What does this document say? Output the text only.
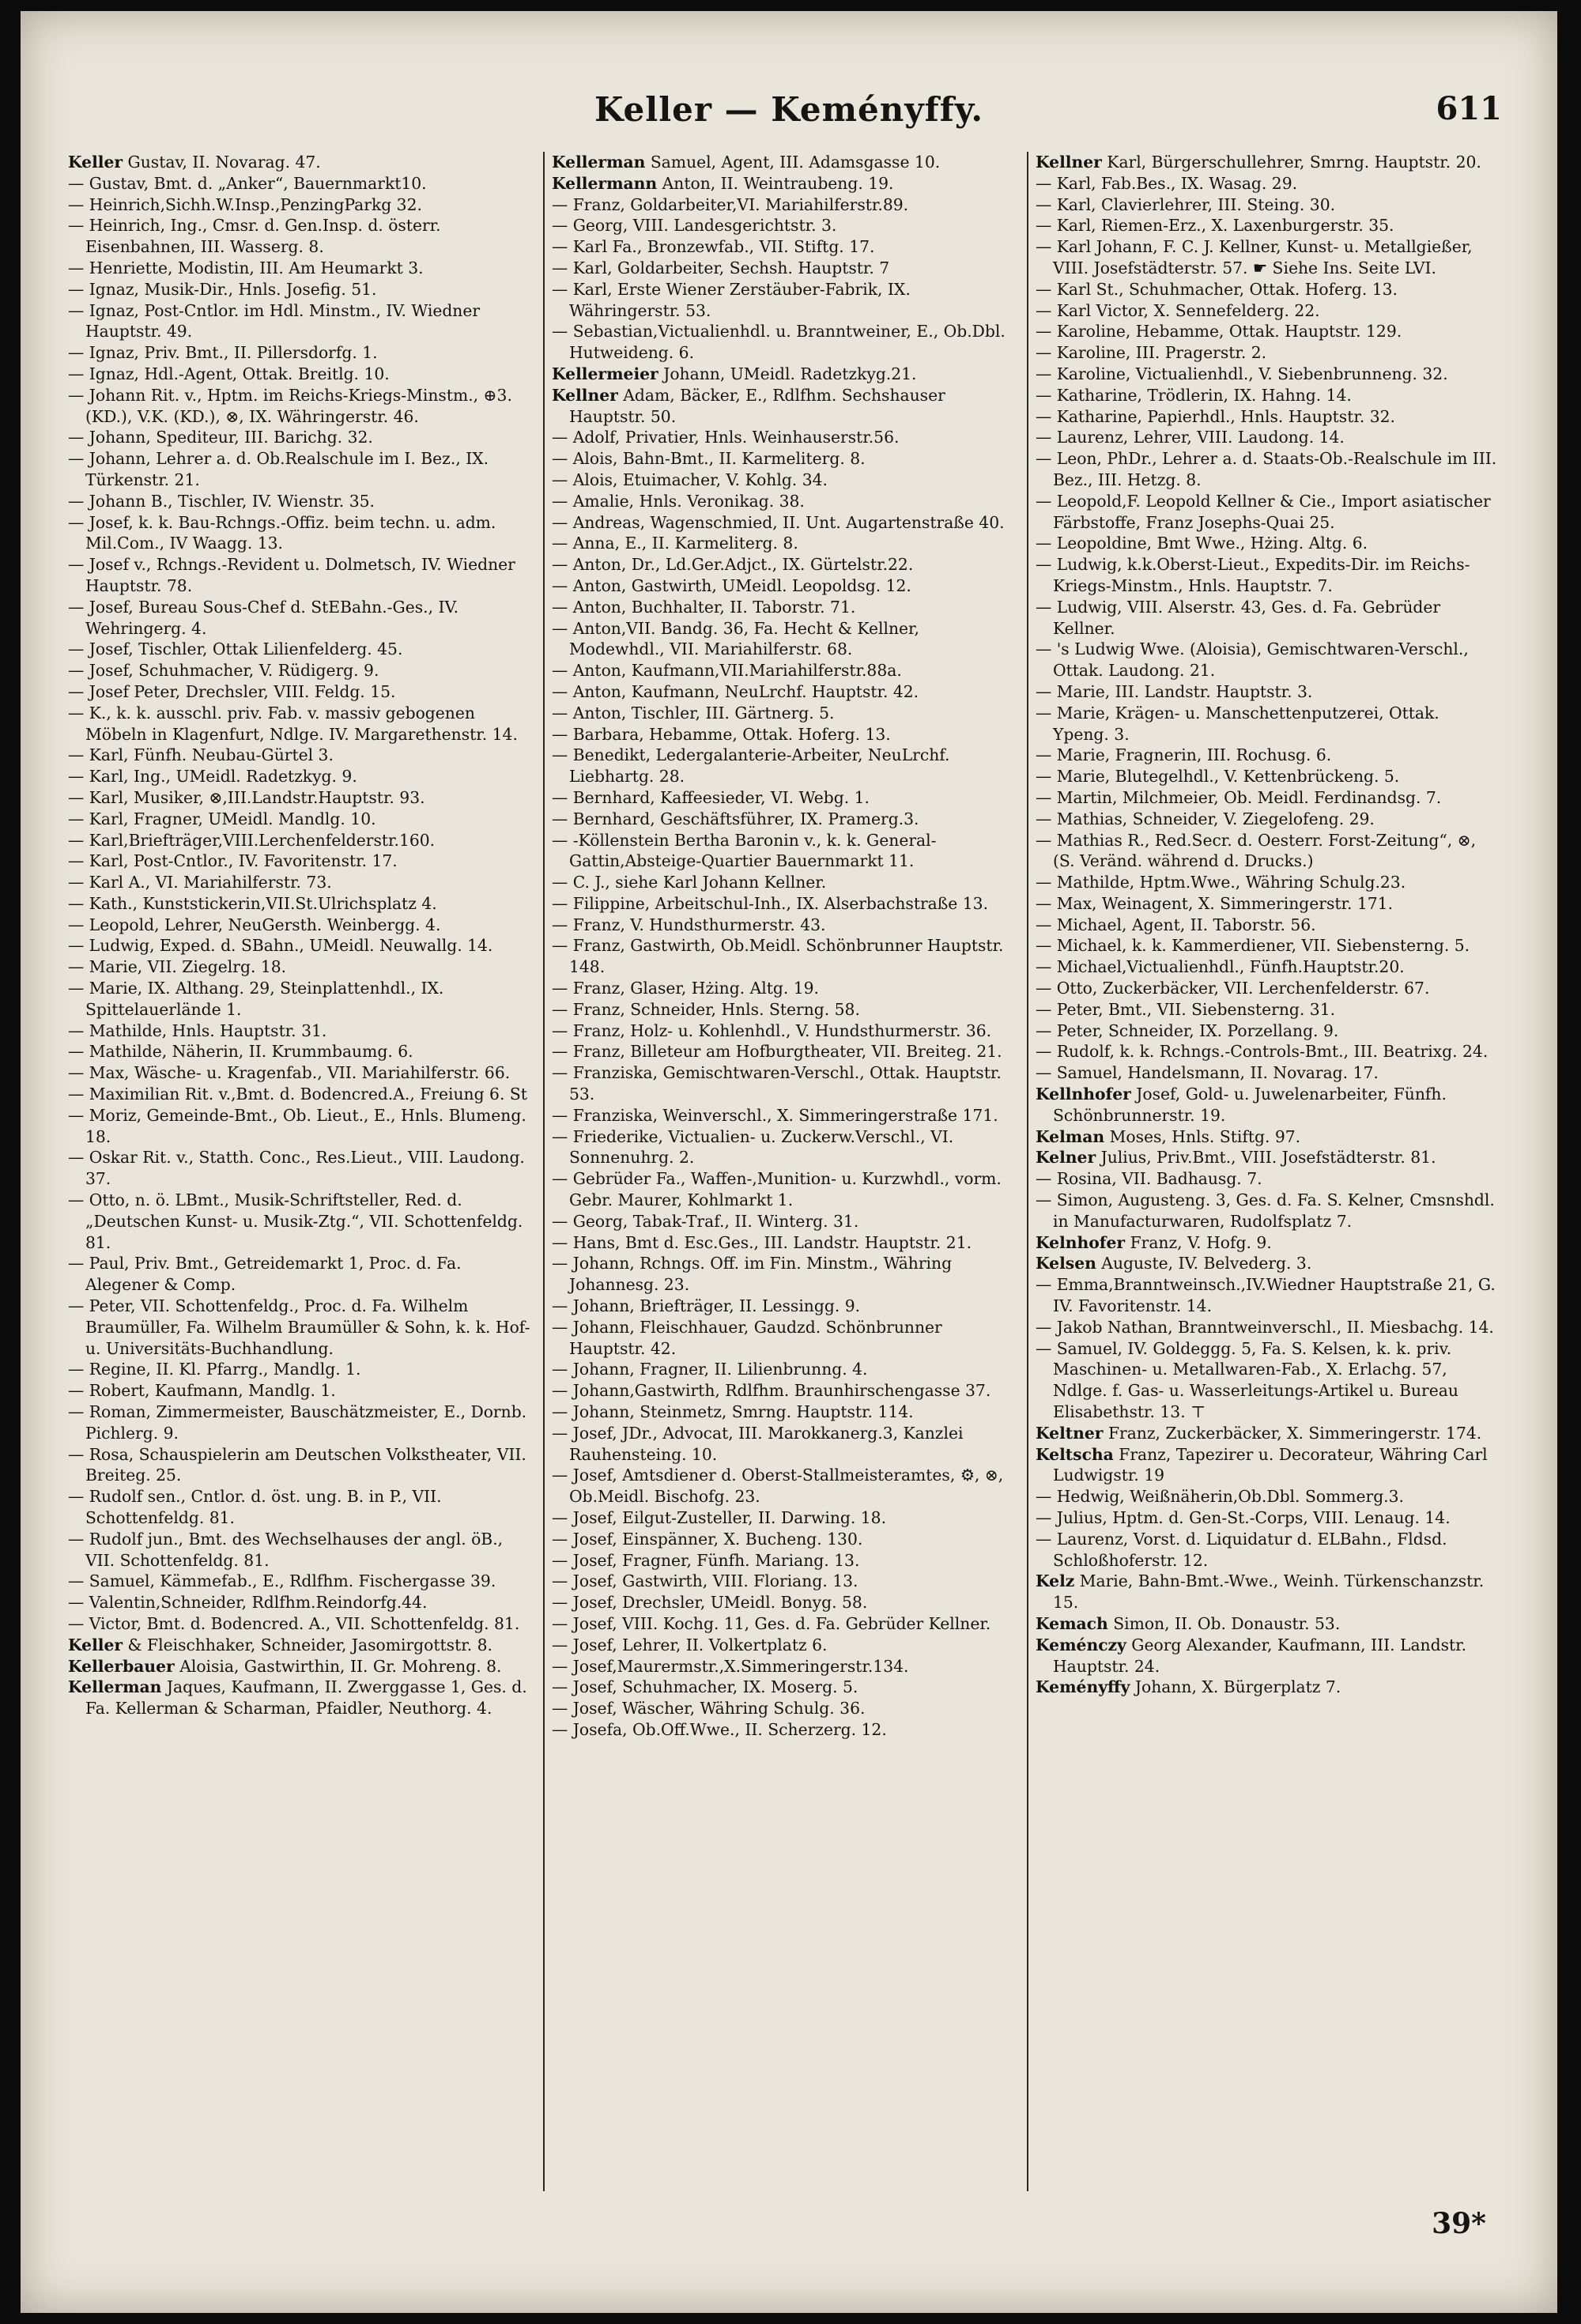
Keller — Keményffy.	611
Keller Gustav, II. Novarag. 47.
— Gustav, Bmt. d. „Anker“, Bauernmarkt10.
— Heinrich,Sichh.W.Insp.,PenzingParkg 32.
— Heinrich, Ing., Cmsr. d. Gen.Insp. d. österr. Eisenbahnen, III. Wasserg. 8.
— Henriette, Modistin, III. Am Heumarkt 3.
— Ignaz, Musik-Dir., Hnls. Josefig. 51.
— Ignaz, Post-Cntlor. im Hdl. Minstm., IV. Wiedner Hauptstr. 49.
— Ignaz, Priv. Bmt., II. Pillersdorfg. 1.
— Ignaz, Hdl.-Agent, Ottak. Breitlg. 10.
— Johann Rit. v., Hptm. im Reichs-Kriegs-Minstm., ⊕3. (KD.), V.K. (KD.), ⊗, IX. Währingerstr. 46.
— Johann, Spediteur, III. Barichg. 32.
— Johann, Lehrer a. d. Ob.Realschule im I. Bez., IX. Türkenstr. 21.
— Johann B., Tischler, IV. Wienstr. 35.
— Josef, k. k. Bau-Rchngs.-Offiz. beim techn. u. adm. Mil.Com., IV Waagg. 13.
— Josef v., Rchngs.-Revident u. Dolmetsch, IV. Wiedner Hauptstr. 78.
— Josef, Bureau Sous-Chef d. StEBahn.-Ges., IV. Wehringerg. 4.
— Josef, Tischler, Ottak Lilienfelderg. 45.
— Josef, Schuhmacher, V. Rüdigerg. 9.
— Josef Peter, Drechsler, VIII. Feldg. 15.
— K., k. k. ausschl. priv. Fab. v. massiv gebogenen Möbeln in Klagenfurt, Ndlge. IV. Margarethenstr. 14.
— Karl, Fünfh. Neubau-Gürtel 3.
— Karl, Ing., UMeidl. Radetzkyg. 9.
— Karl, Musiker, ⊗,III.Landstr.Hauptstr. 93.
— Karl, Fragner, UMeidl. Mandlg. 10.
— Karl,Briefträger,VIII.Lerchenfelderstr.160.
— Karl, Post-Cntlor., IV. Favoritenstr. 17.
— Karl A., VI. Mariahilferstr. 73.
— Kath., Kunststickerin,VII.St.Ulrichsplatz 4.
— Leopold, Lehrer, NeuGersth. Weinbergg. 4.
— Ludwig, Exped. d. SBahn., UMeidl. Neuwallg. 14.
— Marie, VII. Ziegelrg. 18.
— Marie, IX. Althang. 29, Steinplattenhdl., IX. Spittelauerlände 1.
— Mathilde, Hnls. Hauptstr. 31.
— Mathilde, Näherin, II. Krummbaumg. 6.
— Max, Wäsche- u. Kragenfab., VII. Mariahilferstr. 66.
— Maximilian Rit. v.,Bmt. d. Bodencred.A., Freiung 6. St
— Moriz, Gemeinde-Bmt., Ob. Lieut., E., Hnls. Blumeng. 18.
— Oskar Rit. v., Statth. Conc., Res.Lieut., VIII. Laudong. 37.
— Otto, n. ö. LBmt., Musik-Schriftsteller, Red. d. „Deutschen Kunst- u. Musik-Ztg.“, VII. Schottenfeldg. 81.
— Paul, Priv. Bmt., Getreidemarkt 1, Proc. d. Fa. Alegener & Comp.
— Peter, VII. Schottenfeldg., Proc. d. Fa. Wilhelm Braumüller, Fa. Wilhelm Braumüller & Sohn, k. k. Hof- u. Universitäts-Buchhandlung.
— Regine, II. Kl. Pfarrg., Mandlg. 1.
— Robert, Kaufmann, Mandlg. 1.
— Roman, Zimmermeister, Bauschätzmeister, E., Dornb. Pichlerg. 9.
— Rosa, Schauspielerin am Deutschen Volkstheater, VII. Breiteg. 25.
— Rudolf sen., Cntlor. d. öst. ung. B. in P., VII. Schottenfeldg. 81.
— Rudolf jun., Bmt. des Wechselhauses der angl. öB., VII. Schottenfeldg. 81.
— Samuel, Kämmefab., E., Rdlfhm. Fischergasse 39.
— Valentin,Schneider, Rdlfhm.Reindorfg.44.
— Victor, Bmt. d. Bodencred. A., VII. Schottenfeldg. 81.
Keller & Fleischhaker, Schneider, Jasomirgottstr. 8.
Kellerbauer Aloisia, Gastwirthin, II. Gr. Mohreng. 8.
Kellerman Jaques, Kaufmann, II. Zwerggasse 1, Ges. d. Fa. Kellerman & Scharman, Pfaidler, Neuthorg. 4.
Kellerman Samuel, Agent, III. Adamsgasse 10.
Kellermann Anton, II. Weintraubeng. 19.
— Franz, Goldarbeiter,VI. Mariahilferstr.89.
— Georg, VIII. Landesgerichtstr. 3.
— Karl Fa., Bronzewfab., VII. Stiftg. 17.
— Karl, Goldarbeiter, Sechsh. Hauptstr. 7
— Karl, Erste Wiener Zerstäuber-Fabrik, IX. Währingerstr. 53.
— Sebastian,Victualienhdl. u. Branntweiner, E., Ob.Dbl. Hutweideng. 6.
Kellermeier Johann, UMeidl. Radetzkyg.21.
Kellner Adam, Bäcker, E., Rdlfhm. Sechshauser Hauptstr. 50.
— Adolf, Privatier, Hnls. Weinhauserstr.56.
— Alois, Bahn-Bmt., II. Karmeliterg. 8.
— Alois, Etuimacher, V. Kohlg. 34.
— Amalie, Hnls. Veronikag. 38.
— Andreas, Wagenschmied, II. Unt. Augartenstraße 40.
— Anna, E., II. Karmeliterg. 8.
— Anton, Dr., Ld.Ger.Adjct., IX. Gürtelstr.22.
— Anton, Gastwirth, UMeidl. Leopoldsg. 12.
— Anton, Buchhalter, II. Taborstr. 71.
— Anton,VII. Bandg. 36, Fa. Hecht & Kellner, Modewhdl., VII. Mariahilferstr. 68.
— Anton, Kaufmann,VII.Mariahilferstr.88a.
— Anton, Kaufmann, NeuLrchf. Hauptstr. 42.
— Anton, Tischler, III. Gärtnerg. 5.
— Barbara, Hebamme, Ottak. Hoferg. 13.
— Benedikt, Ledergalanterie-Arbeiter, NeuLrchf. Liebhartg. 28.
— Bernhard, Kaffeesieder, VI. Webg. 1.
— Bernhard, Geschäftsführer, IX. Pramerg.3.
— -Köllenstein Bertha Baronin v., k. k. General-Gattin,Absteige-Quartier Bauernmarkt 11.
— C. J., siehe Karl Johann Kellner.
— Filippine, Arbeitschul-Inh., IX. Alserbachstraße 13.
— Franz, V. Hundsthurmerstr. 43.
— Franz, Gastwirth, Ob.Meidl. Schönbrunner Hauptstr. 148.
— Franz, Glaser, Hżing. Altg. 19.
— Franz, Schneider, Hnls. Sterng. 58.
— Franz, Holz- u. Kohlenhdl., V. Hundsthurmerstr. 36.
— Franz, Billeteur am Hofburgtheater, VII. Breiteg. 21.
— Franziska, Gemischtwaren-Verschl., Ottak. Hauptstr. 53.
— Franziska, Weinverschl., X. Simmeringerstraße 171.
— Friederike, Victualien- u. Zuckerw.Verschl., VI. Sonnenuhrg. 2.
— Gebrüder Fa., Waffen-,Munition- u. Kurzwhdl., vorm. Gebr. Maurer, Kohlmarkt 1.
— Georg, Tabak-Traf., II. Winterg. 31.
— Hans, Bmt d. Esc.Ges., III. Landstr. Hauptstr. 21.
— Johann, Rchngs. Off. im Fin. Minstm., Währing Johannesg. 23.
— Johann, Briefträger, II. Lessingg. 9.
— Johann, Fleischhauer, Gaudzd. Schönbrunner Hauptstr. 42.
— Johann, Fragner, II. Lilienbrunng. 4.
— Johann,Gastwirth, Rdlfhm. Braunhirschengasse 37.
— Johann, Steinmetz, Smrng. Hauptstr. 114.
— Josef, JDr., Advocat, III. Marokkanerg.3, Kanzlei Rauhensteing. 10.
— Josef, Amtsdiener d. Oberst-Stallmeisteramtes, ⚙, ⊗, Ob.Meidl. Bischofg. 23.
— Josef, Eilgut-Zusteller, II. Darwing. 18.
— Josef, Einspänner, X. Bucheng. 130.
— Josef, Fragner, Fünfh. Mariang. 13.
— Josef, Gastwirth, VIII. Floriang. 13.
— Josef, Drechsler, UMeidl. Bonyg. 58.
— Josef, VIII. Kochg. 11, Ges. d. Fa. Gebrüder Kellner.
— Josef, Lehrer, II. Volkertplatz 6.
— Josef,Maurermstr.,X.Simmeringerstr.134.
— Josef, Schuhmacher, IX. Moserg. 5.
— Josef, Wäscher, Währing Schulg. 36.
— Josefa, Ob.Off.Wwe., II. Scherzerg. 12.
Kellner Karl, Bürgerschullehrer, Smrng. Hauptstr. 20.
— Karl, Fab.Bes., IX. Wasag. 29.
— Karl, Clavierlehrer, III. Steing. 30.
— Karl, Riemen-Erz., X. Laxenburgerstr. 35.
— Karl Johann, F. C. J. Kellner, Kunst- u. Metallgießer, VIII. Josefstädterstr. 57. ☛ Siehe Ins. Seite LVI.
— Karl St., Schuhmacher, Ottak. Hoferg. 13.
— Karl Victor, X. Sennefelderg. 22.
— Karoline, Hebamme, Ottak. Hauptstr. 129.
— Karoline, III. Pragerstr. 2.
— Karoline, Victualienhdl., V. Siebenbrunneng. 32.
— Katharine, Trödlerin, IX. Hahng. 14.
— Katharine, Papierhdl., Hnls. Hauptstr. 32.
— Laurenz, Lehrer, VIII. Laudong. 14.
— Leon, PhDr., Lehrer a. d. Staats-Ob.-Realschule im III. Bez., III. Hetzg. 8.
— Leopold,F. Leopold Kellner & Cie., Import asiatischer Färbstoffe, Franz Josephs-Quai 25.
— Leopoldine, Bmt Wwe., Hżing. Altg. 6.
— Ludwig, k.k.Oberst-Lieut., Expedits-Dir. im Reichs-Kriegs-Minstm., Hnls. Hauptstr. 7.
— Ludwig, VIII. Alserstr. 43, Ges. d. Fa. Gebrüder Kellner.
— 's Ludwig Wwe. (Aloisia), Gemischtwaren-Verschl., Ottak. Laudong. 21.
— Marie, III. Landstr. Hauptstr. 3.
— Marie, Krägen- u. Manschettenputzerei, Ottak. Ypeng. 3.
— Marie, Fragnerin, III. Rochusg. 6.
— Marie, Blutegelhdl., V. Kettenbrückeng. 5.
— Martin, Milchmeier, Ob. Meidl. Ferdinandsg. 7.
— Mathias, Schneider, V. Ziegelofeng. 29.
— Mathias R., Red.Secr. d. Oesterr. Forst-Zeitung“, ⊗, (S. Veränd. während d. Drucks.)
— Mathilde, Hptm.Wwe., Währing Schulg.23.
— Max, Weinagent, X. Simmeringerstr. 171.
— Michael, Agent, II. Taborstr. 56.
— Michael, k. k. Kammerdiener, VII. Siebensterng. 5.
— Michael,Victualienhdl., Fünfh.Hauptstr.20.
— Otto, Zuckerbäcker, VII. Lerchenfelderstr. 67.
— Peter, Bmt., VII. Siebensterng. 31.
— Peter, Schneider, IX. Porzellang. 9.
— Rudolf, k. k. Rchngs.-Controls-Bmt., III. Beatrixg. 24.
— Samuel, Handelsmann, II. Novarag. 17.
Kellnhofer Josef, Gold- u. Juwelenarbeiter, Fünfh. Schönbrunnerstr. 19.
Kelman Moses, Hnls. Stiftg. 97.
Kelner Julius, Priv.Bmt., VIII. Josefstädterstr. 81.
— Rosina, VII. Badhausg. 7.
— Simon, Augusteng. 3, Ges. d. Fa. S. Kelner, Cmsnshdl. in Manufacturwaren, Rudolfsplatz 7.
Kelnhofer Franz, V. Hofg. 9.
Kelsen Auguste, IV. Belvederg. 3.
— Emma,Branntweinsch.,IV.Wiedner Hauptstraße 21, G. IV. Favoritenstr. 14.
— Jakob Nathan, Branntweinverschl., II. Miesbachg. 14.
— Samuel, IV. Goldeggg. 5, Fa. S. Kelsen, k. k. priv. Maschinen- u. Metallwaren-Fab., X. Erlachg. 57, Ndlge. f. Gas- u. Wasserleitungs-Artikel u. Bureau Elisabethstr. 13. ⊤
Keltner Franz, Zuckerbäcker, X. Simmeringerstr. 174.
Keltscha Franz, Tapezirer u. Decorateur, Währing Carl Ludwigstr. 19
— Hedwig, Weißnäherin,Ob.Dbl. Sommerg.3.
— Julius, Hptm. d. Gen-St.-Corps, VIII. Lenaug. 14.
— Laurenz, Vorst. d. Liquidatur d. ELBahn., Fldsd. Schloßhoferstr. 12.
Kelz Marie, Bahn-Bmt.-Wwe., Weinh. Türkenschanzstr. 15.
Kemach Simon, II. Ob. Donaustr. 53.
Keménczy Georg Alexander, Kaufmann, III. Landstr. Hauptstr. 24.
Keményffy Johann, X. Bürgerplatz 7.
39*
